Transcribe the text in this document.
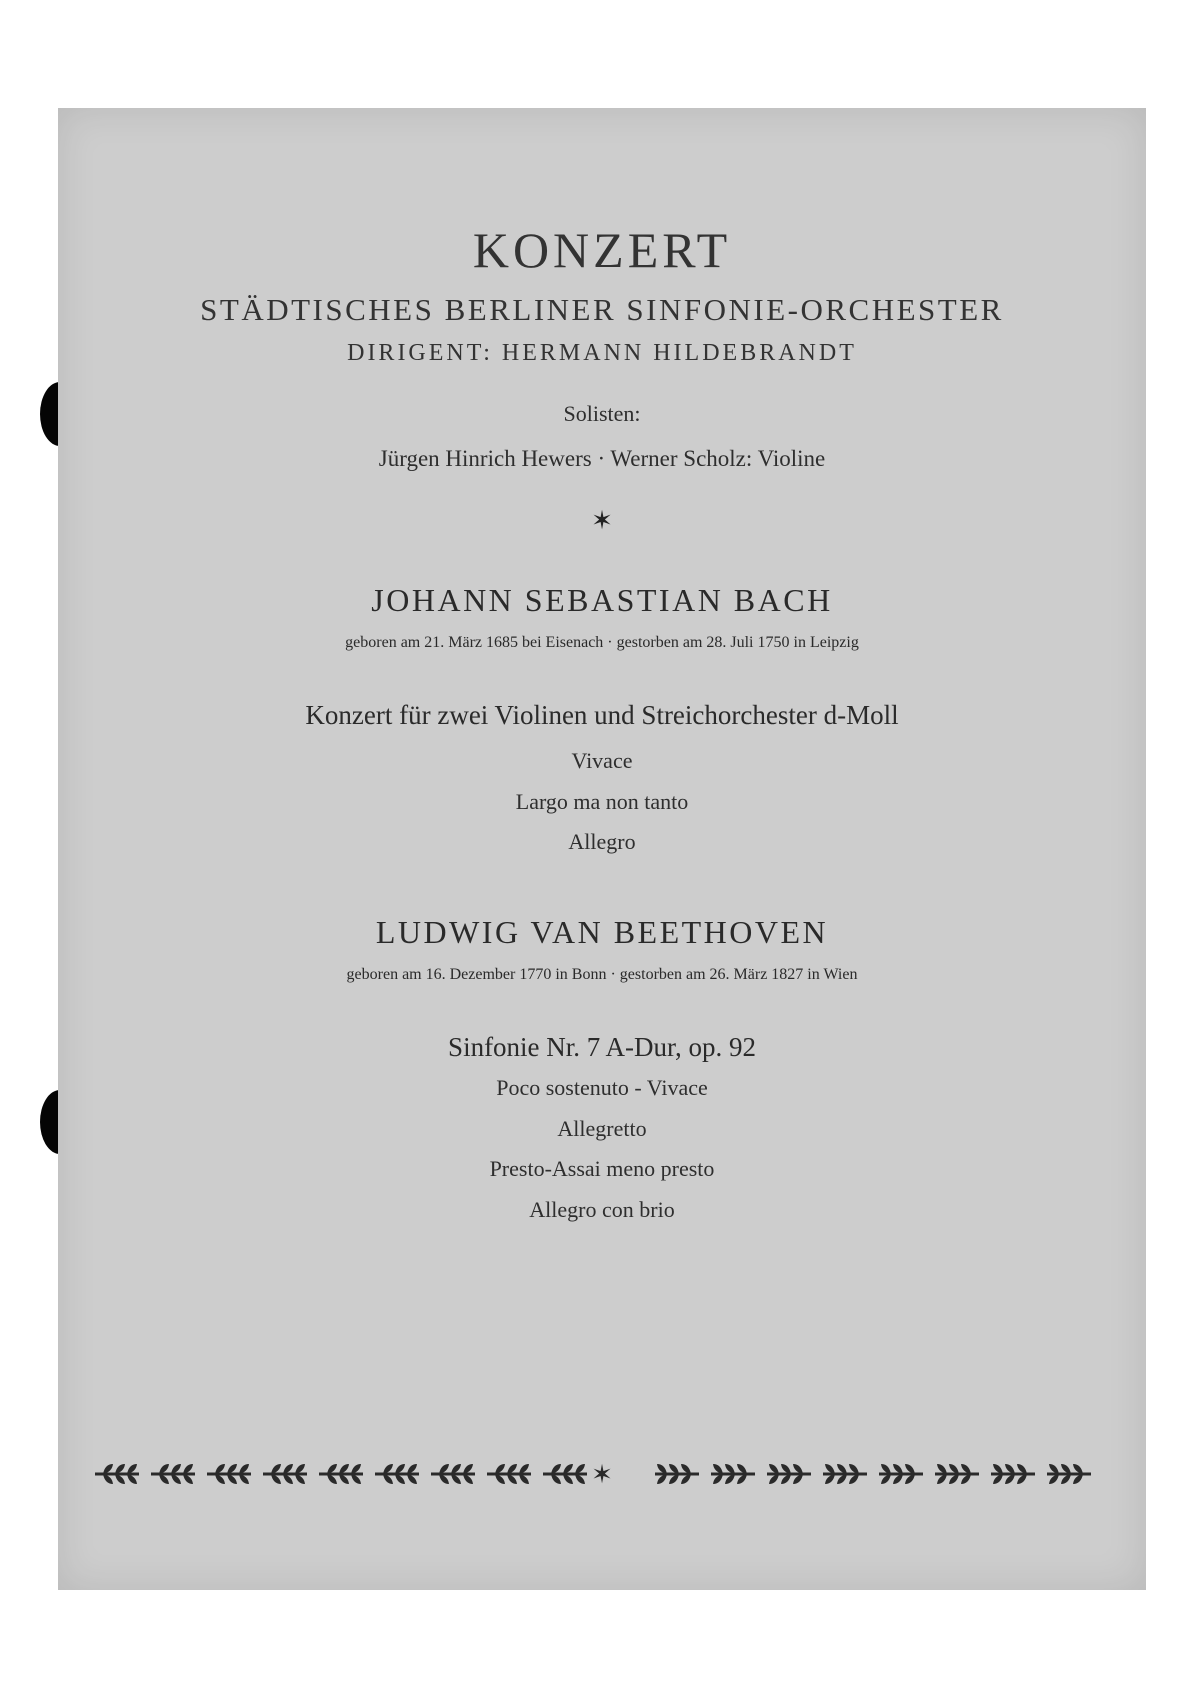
KONZERT
STÄDTISCHES BERLINER SINFONIE-ORCHESTER
DIRIGENT: HERMANN HILDEBRANDT
Solisten:
Jürgen Hinrich Hewers · Werner Scholz: Violine
✶
JOHANN SEBASTIAN BACH
geboren am 21. März 1685 bei Eisenach · gestorben am 28. Juli 1750 in Leipzig
Konzert für zwei Violinen und Streichorchester d-Moll
Vivace
Largo ma non tanto
Allegro
LUDWIG VAN BEETHOVEN
geboren am 16. Dezember 1770 in Bonn · gestorben am 26. März 1827 in Wien
Sinfonie Nr. 7 A-Dur, op. 92
Poco sostenuto - Vivace
Allegretto
Presto-Assai meno presto
Allegro con brio
✶
